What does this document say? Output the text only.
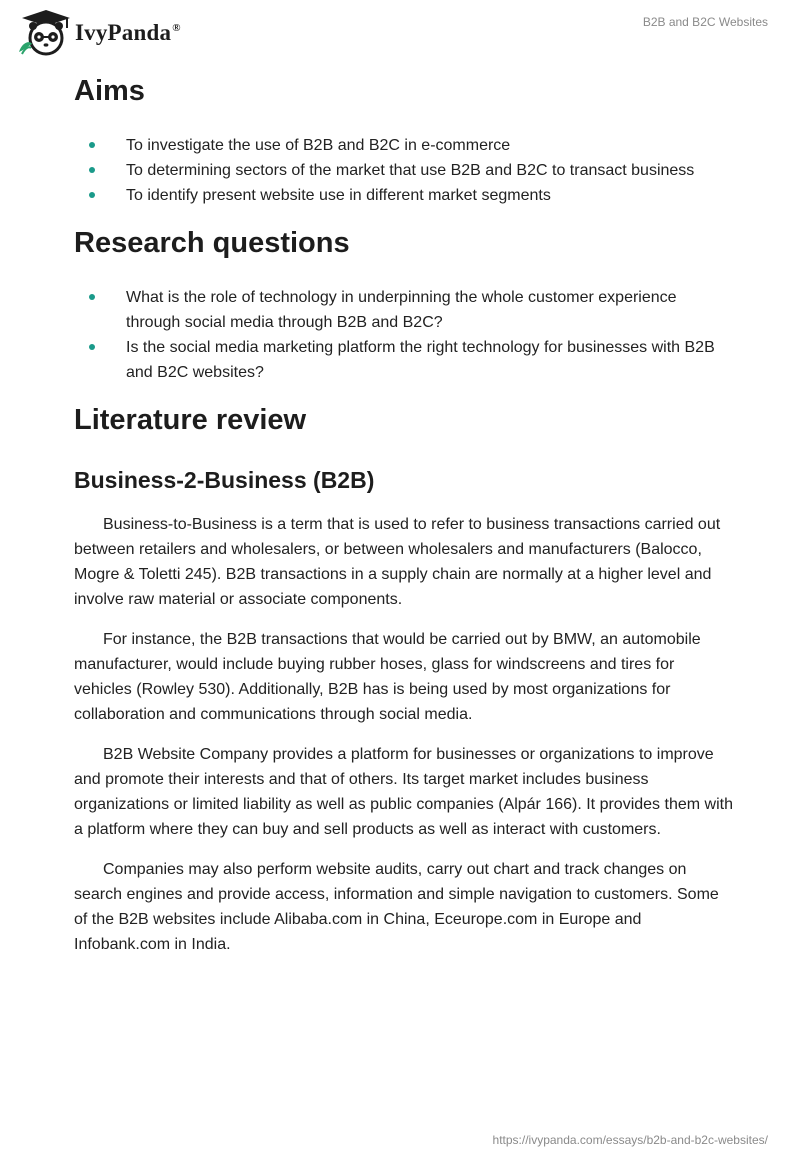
IvyPanda®	B2B and B2C Websites
Aims
To investigate the use of B2B and B2C in e-commerce
To determining sectors of the market that use B2B and B2C to transact business
To identify present website use in different market segments
Research questions
What is the role of technology in underpinning the whole customer experience through social media through B2B and B2C?
Is the social media marketing platform the right technology for businesses with B2B and B2C websites?
Literature review
Business-2-Business (B2B)

Business-to-Business is a term that is used to refer to business transactions carried out between retailers and wholesalers, or between wholesalers and manufacturers (Balocco, Mogre & Toletti 245). B2B transactions in a supply chain are normally at a higher level and involve raw material or associate components.

For instance, the B2B transactions that would be carried out by BMW, an automobile manufacturer, would include buying rubber hoses, glass for windscreens and tires for vehicles (Rowley 530). Additionally, B2B has is being used by most organizations for collaboration and communications through social media.

B2B Website Company provides a platform for businesses or organizations to improve and promote their interests and that of others. Its target market includes business organizations or limited liability as well as public companies (Alpár 166). It provides them with a platform where they can buy and sell products as well as interact with customers.

Companies may also perform website audits, carry out chart and track changes on search engines and provide access, information and simple navigation to customers. Some of the B2B websites include Alibaba.com in China, Eceurope.com in Europe and Infobank.com in India.

https://ivypanda.com/essays/b2b-and-b2c-websites/
